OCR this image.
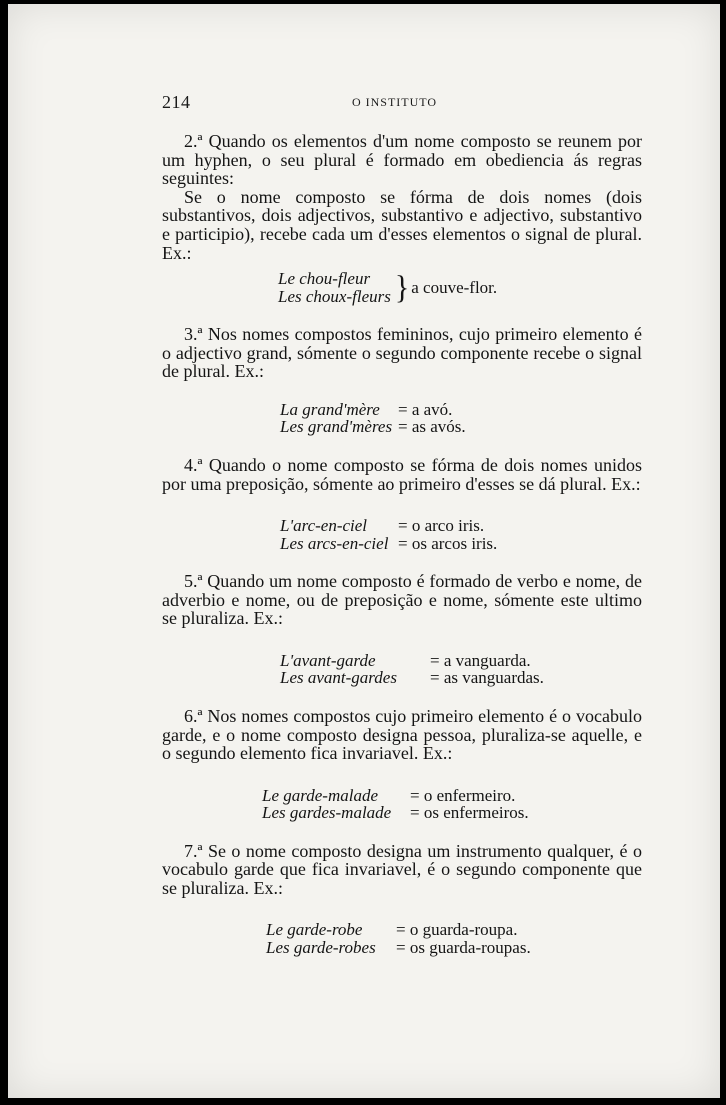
214	O INSTITUTO

2.ª Quando os elementos d'um nome composto se reunem por um hyphen, o seu plural é formado em obediencia ás regras seguintes:

Se o nome composto se fórma de dois nomes (dois substantivos, dois adjectivos, substantivo e adjectivo, substantivo e participio), recebe cada um d'esses elementos o signal de plural. Ex.:

Le chou-fleur
Les choux-fleurs } a couve-flor.

3.ª Nos nomes compostos femininos, cujo primeiro elemento é o adjectivo grand, sómente o segundo componente recebe o signal de plural. Ex.:

La grand'mère = a avó.
Les grand'mères = as avós.

4.ª Quando o nome composto se fórma de dois nomes unidos por uma preposição, sómente ao primeiro d'esses se dá plural. Ex.:

L'arc-en-ciel = o arco iris.
Les arcs-en-ciel = os arcos iris.

5.ª Quando um nome composto é formado de verbo e nome, de adverbio e nome, ou de preposição e nome, sómente este ultimo se pluraliza. Ex.:

L'avant-garde	= a vanguarda.
Les avant-gardes = as vanguardas.

6.ª Nos nomes compostos cujo primeiro elemento é o vocabulo garde, e o nome composto designa pessoa, pluraliza-se aquelle, e o segundo elemento fica invariavel. Ex.:

Le garde-malade = o enfermeiro.
Les gardes-malade = os enfermeiros.

7.ª Se o nome composto designa um instrumento qualquer, é o vocabulo garde que fica invariavel, é o segundo componente que se pluraliza. Ex.:

Le garde-robe = o guarda-roupa.
Les garde-robes = os guarda-roupas.
